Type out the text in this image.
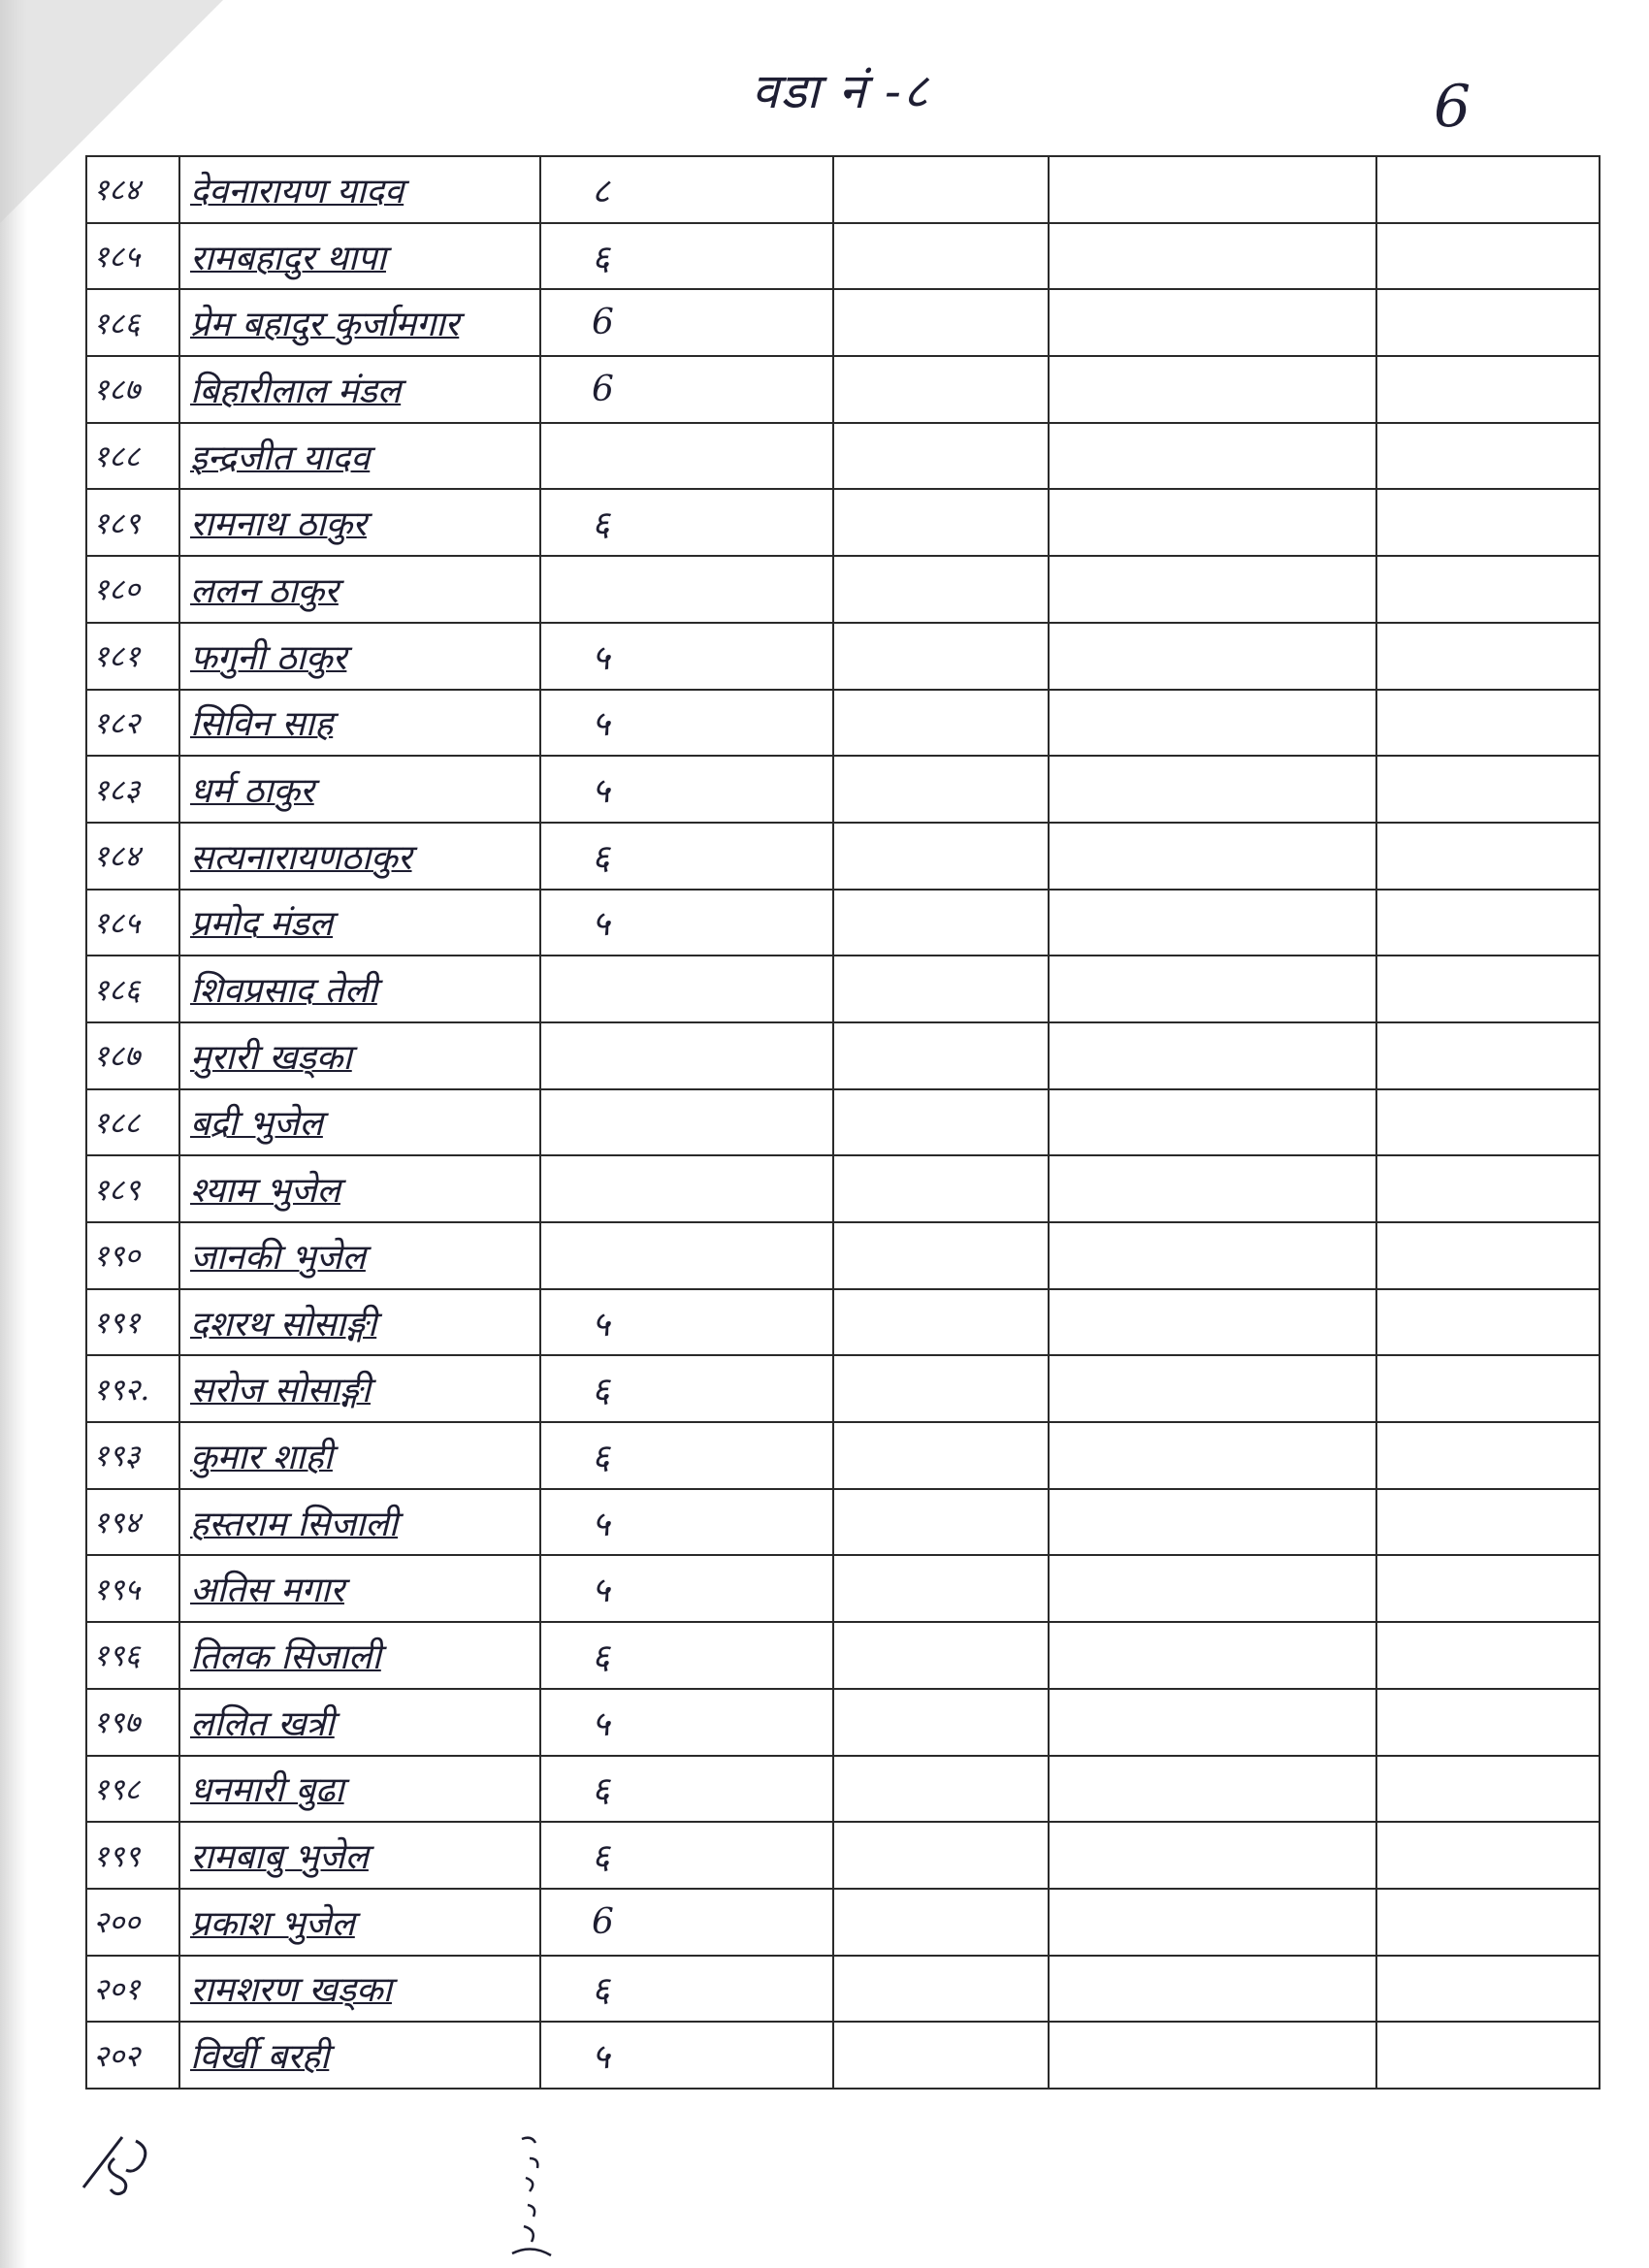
वडा नं -८	6
१८४	देवनारायण यादव	८			
१८५	रामबहादुर थापा	६			
१८६	प्रेम बहादुर कुर्जामगार	6			
१८७	बिहारीलाल मंडल	6			
१८८	इन्द्रजीत यादव				
१८९	रामनाथ ठाकुर	६			
१८०	ललन ठाकुर				
१८१	फगुनी ठाकुर	५			
१८२	सिविन साह	५			
१८३	धर्म ठाकुर	५			
१८४	सत्यनारायणठाकुर	६			
१८५	प्रमोद मंडल	५			
१८६	शिवप्रसाद तेली				
१८७	मुरारी खड्का				
१८८	बद्री भुजेल				
१८९	श्याम भुजेल				
१९०	जानकी भुजेल				
१९१	दशरथ सोसाङ्गी	५			
१९२.	सरोज सोसाङ्गी	६			
१९३	कुमार शाही	६			
१९४	हस्तराम सिजाली	५			
१९५	अतिस मगार	५			
१९६	तिलक सिजाली	६			
१९७	ललित खत्री	५			
१९८	धनमारी बुढा	६			
१९९	रामबाबु भुजेल	६			
२००	प्रकाश भुजेल	6			
२०१	रामशरण खड्का	६			
२०२	विर्खी बरही	५			
